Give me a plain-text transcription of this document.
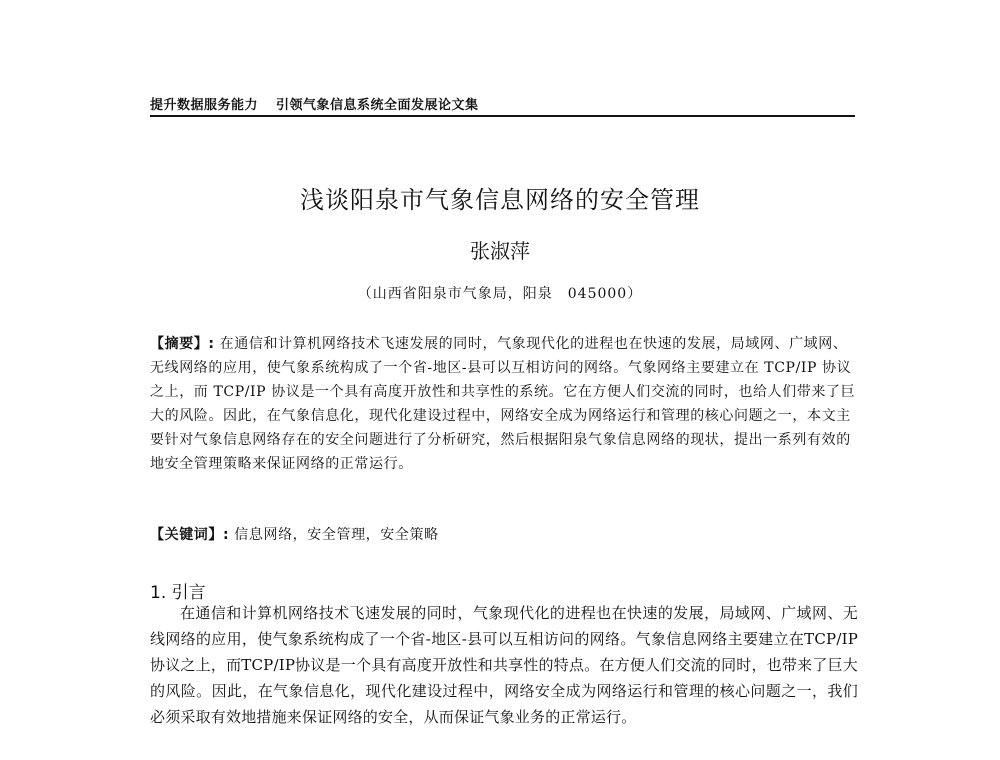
提升数据服务能力 引领气象信息系统全面发展论文集
浅谈阳泉市气象信息网络的安全管理
张淑萍
（山西省阳泉市气象局，阳泉　045000）
【摘要】: 在通信和计算机网络技术飞速发展的同时，气象现代化的进程也在快速的发展，局域网、广域网、无线网络的应用，使气象系统构成了一个省-地区-县可以互相访问的网络。气象网络主要建立在 TCP/IP 协议之上，而 TCP/IP 协议是一个具有高度开放性和共享性的系统。它在方便人们交流的同时，也给人们带来了巨大的风险。因此，在气象信息化，现代化建设过程中，网络安全成为网络运行和管理的核心问题之一，本文主要针对气象信息网络存在的安全问题进行了分析研究，然后根据阳泉气象信息网络的现状，提出一系列有效的地安全管理策略来保证网络的正常运行。
【关键词】: 信息网络，安全管理，安全策略
1. 引言
在通信和计算机网络技术飞速发展的同时，气象现代化的进程也在快速的发展，局域网、广域网、无线网络的应用，使气象系统构成了一个省-地区-县可以互相访问的网络。气象信息网络主要建立在TCP/IP协议之上，而TCP/IP协议是一个具有高度开放性和共享性的特点。在方便人们交流的同时，也带来了巨大的风险。因此，在气象信息化，现代化建设过程中，网络安全成为网络运行和管理的核心问题之一，我们必须采取有效地措施来保证网络的安全，从而保证气象业务的正常运行。
